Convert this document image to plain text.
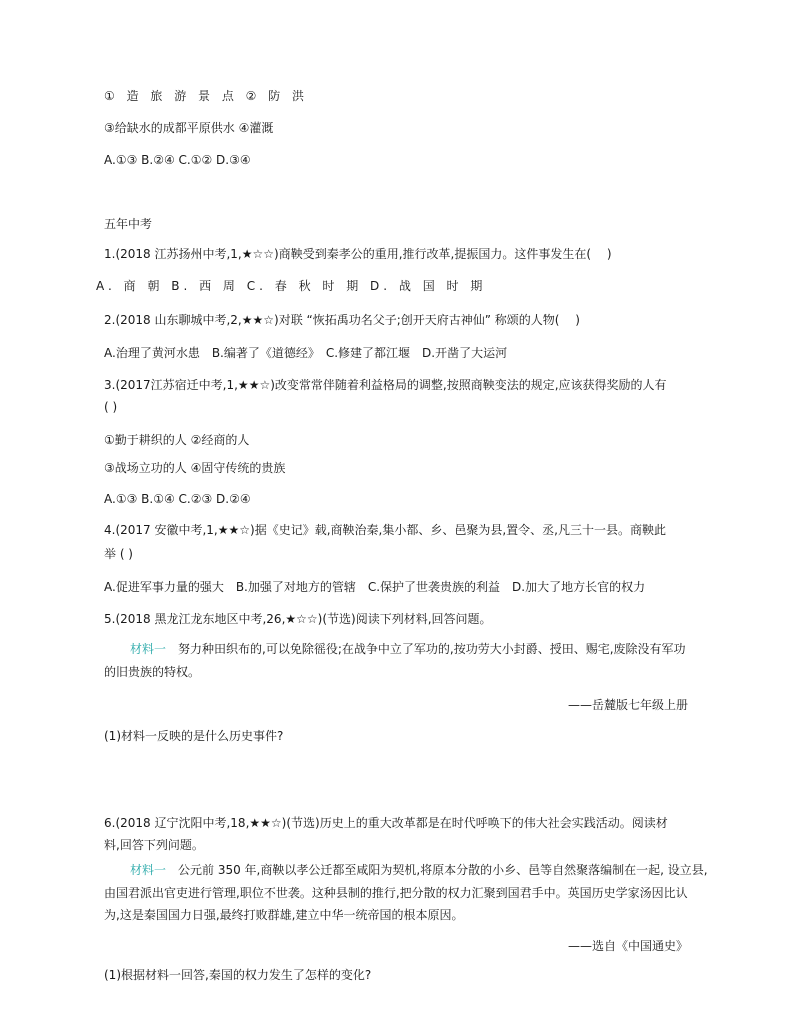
① 造 旅 游 景 点 ② 防 洪
③给缺水的成都平原供水 ④灌溉
A.①③ B.②④ C.①② D.③④
五年中考
1.(2018 江苏扬州中考,1,★☆☆)商鞅受到秦孝公的重用,推行改革,提振国力。这件事发生在(　 )
A. 商 朝 B. 西 周 C. 春 秋 时 期 D. 战 国 时 期
2.(2018 山东聊城中考,2,★★☆)对联 “恢拓禹功名父子;创开天府古神仙” 称颂的人物(　 )
A.治理了黄河水患　B.编著了《道德经》　C.修建了都江堰　D.开凿了大运河
3.(2017江苏宿迁中考,1,★★☆)改变常常伴随着利益格局的调整,按照商鞅变法的规定,应该获得奖励的人有
( )
①勤于耕织的人 ②经商的人
③战场立功的人 ④固守传统的贵族
A.①③ B.①④ C.②③ D.②④
4.(2017 安徽中考,1,★★☆)据《史记》载,商鞅治秦,集小都、乡、邑聚为县,置令、丞,凡三十一县。商鞅此
举 ( )
A.促进军事力量的强大　B.加强了对地方的管辖　C.保护了世袭贵族的利益　D.加大了地方长官的权力
5.(2018 黑龙江龙东地区中考,26,★☆☆)(节选)阅读下列材料,回答问题。
材料一　努力种田织布的,可以免除徭役;在战争中立了军功的,按功劳大小封爵、授田、赐宅,废除没有军功
的旧贵族的特权。
——岳麓版七年级上册
(1)材料一反映的是什么历史事件?
6.(2018 辽宁沈阳中考,18,★★☆)(节选)历史上的重大改革都是在时代呼唤下的伟大社会实践活动。阅读材
料,回答下列问题。
材料一　公元前 350 年,商鞅以孝公迁都至咸阳为契机,将原本分散的小乡、邑等自然聚落编制在一起, 设立县,
由国君派出官吏进行管理,职位不世袭。这种县制的推行,把分散的权力汇聚到国君手中。英国历史学家汤因比认
为,这是秦国国力日强,最终打败群雄,建立中华一统帝国的根本原因。
——选自《中国通史》
(1)根据材料一回答,秦国的权力发生了怎样的变化?
